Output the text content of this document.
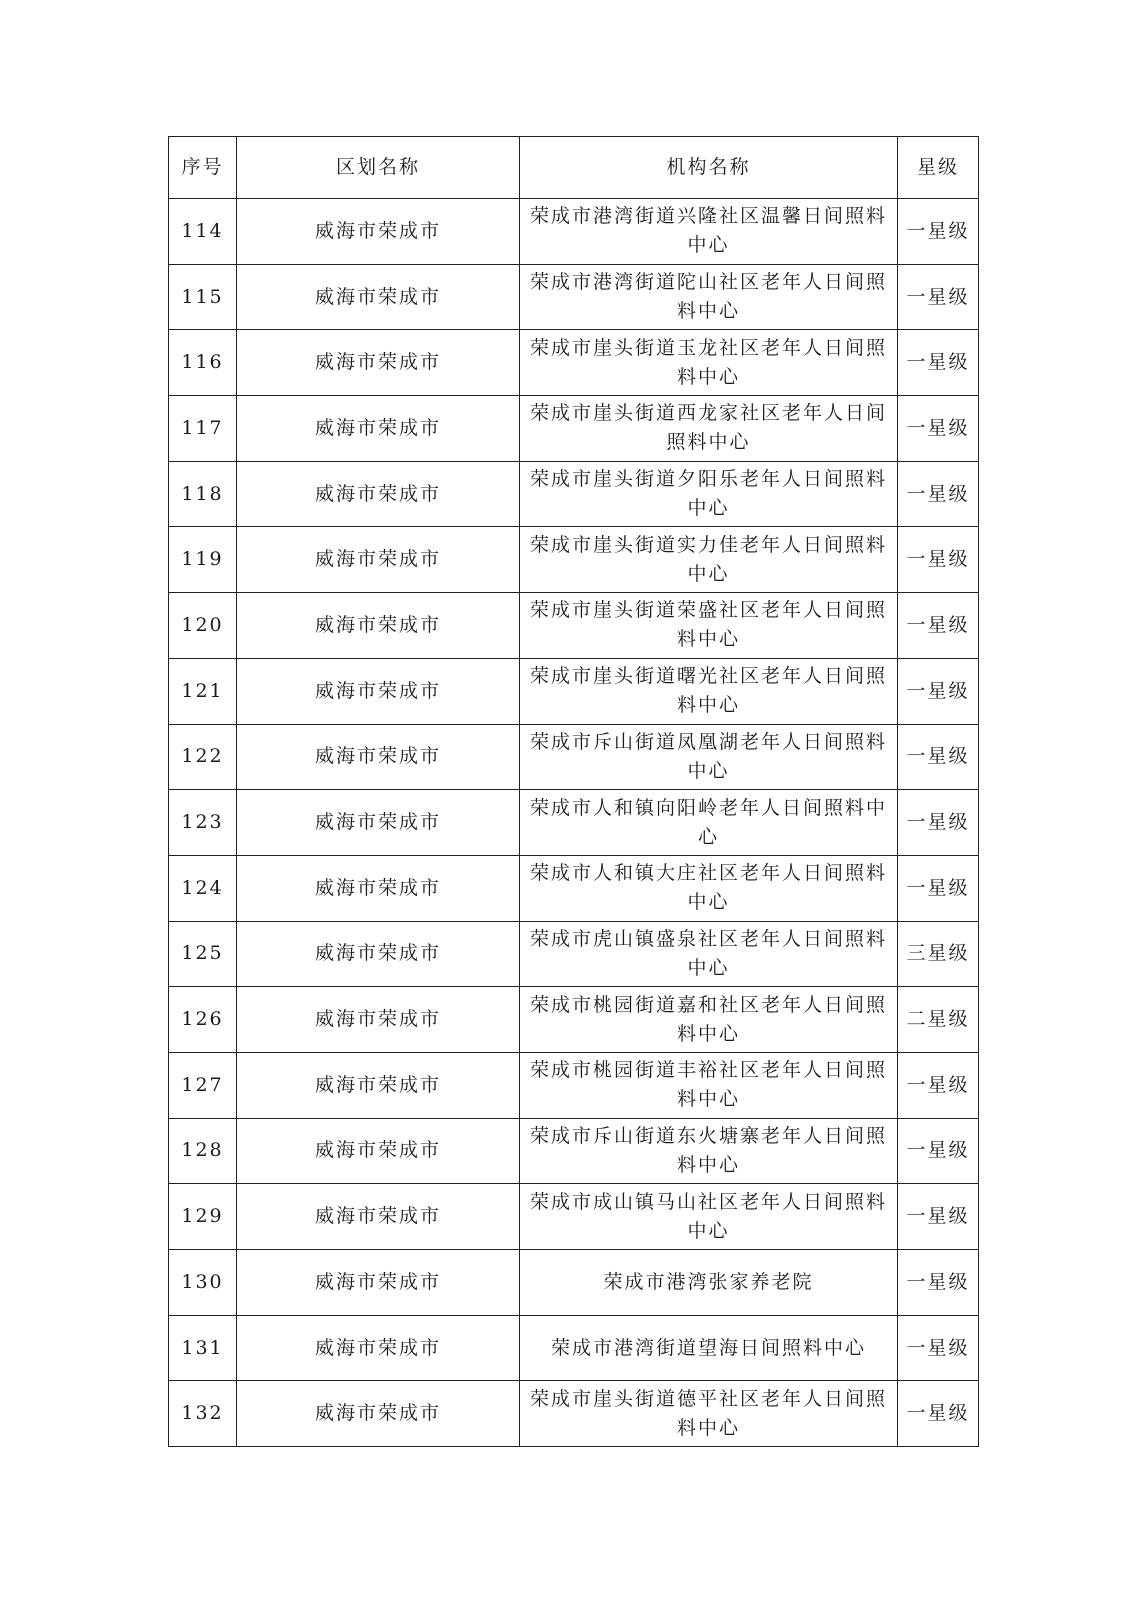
序号	区划名称	机构名称	星级
114	威海市荣成市	荣成市港湾街道兴隆社区温馨日间照料中心	一星级
115	威海市荣成市	荣成市港湾街道陀山社区老年人日间照料中心	一星级
116	威海市荣成市	荣成市崖头街道玉龙社区老年人日间照料中心	一星级
117	威海市荣成市	荣成市崖头街道西龙家社区老年人日间照料中心	一星级
118	威海市荣成市	荣成市崖头街道夕阳乐老年人日间照料中心	一星级
119	威海市荣成市	荣成市崖头街道实力佳老年人日间照料中心	一星级
120	威海市荣成市	荣成市崖头街道荣盛社区老年人日间照料中心	一星级
121	威海市荣成市	荣成市崖头街道曙光社区老年人日间照料中心	一星级
122	威海市荣成市	荣成市斥山街道凤凰湖老年人日间照料中心	一星级
123	威海市荣成市	荣成市人和镇向阳岭老年人日间照料中心	一星级
124	威海市荣成市	荣成市人和镇大庄社区老年人日间照料中心	一星级
125	威海市荣成市	荣成市虎山镇盛泉社区老年人日间照料中心	三星级
126	威海市荣成市	荣成市桃园街道嘉和社区老年人日间照料中心	二星级
127	威海市荣成市	荣成市桃园街道丰裕社区老年人日间照料中心	一星级
128	威海市荣成市	荣成市斥山街道东火塘寨老年人日间照料中心	一星级
129	威海市荣成市	荣成市成山镇马山社区老年人日间照料中心	一星级
130	威海市荣成市	荣成市港湾张家养老院	一星级
131	威海市荣成市	荣成市港湾街道望海日间照料中心	一星级
132	威海市荣成市	荣成市崖头街道德平社区老年人日间照料中心	一星级
